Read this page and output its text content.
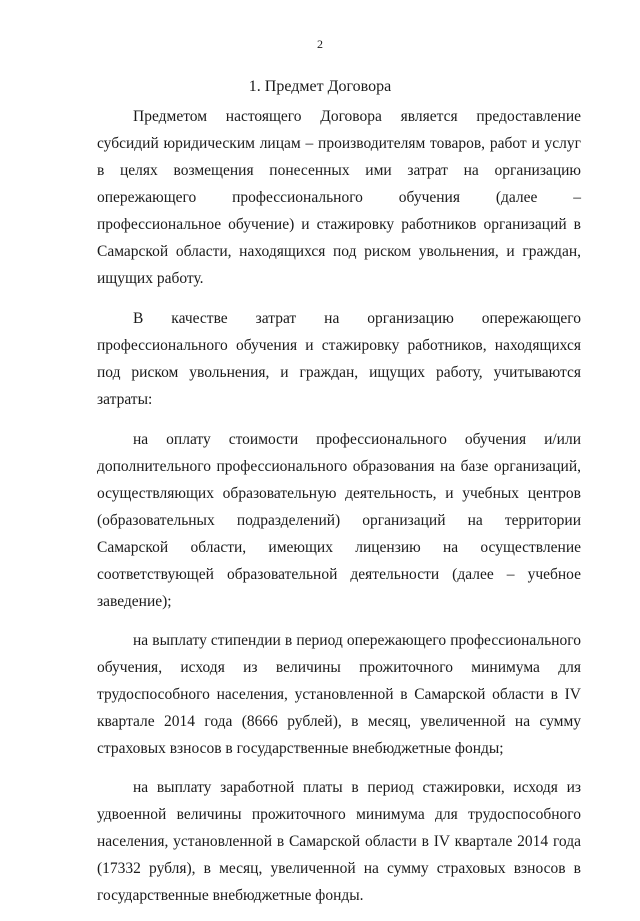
2
1. Предмет Договора

Предметом настоящего Договора является предоставление субсидий юридическим лицам – производителям товаров, работ и услуг в целях возмещения понесенных ими затрат на организацию опережающего профессионального обучения (далее – профессиональное обучение) и стажировку работников организаций в Самарской области, находящихся под риском увольнения, и граждан, ищущих работу.

В качестве затрат на организацию опережающего профессионального обучения и стажировку работников, находящихся под риском увольнения, и граждан, ищущих работу, учитываются затраты:

на оплату стоимости профессионального обучения и/или дополнительного профессионального образования на базе организаций, осуществляющих образовательную деятельность, и учебных центров (образовательных подразделений) организаций на территории Самарской области, имеющих лицензию на осуществление соответствующей образовательной деятельности (далее – учебное заведение);

на выплату стипендии в период опережающего профессионального обучения, исходя из величины прожиточного минимума для трудоспособного населения, установленной в Самарской области в IV квартале 2014 года (8666 рублей), в месяц, увеличенной на сумму страховых взносов в государственные внебюджетные фонды;

на выплату заработной платы в период стажировки, исходя из удвоенной величины прожиточного минимума для трудоспособного населения, установленной в Самарской области в IV квартале 2014 года (17332 рубля), в месяц, увеличенной на сумму страховых взносов в государственные внебюджетные фонды.
